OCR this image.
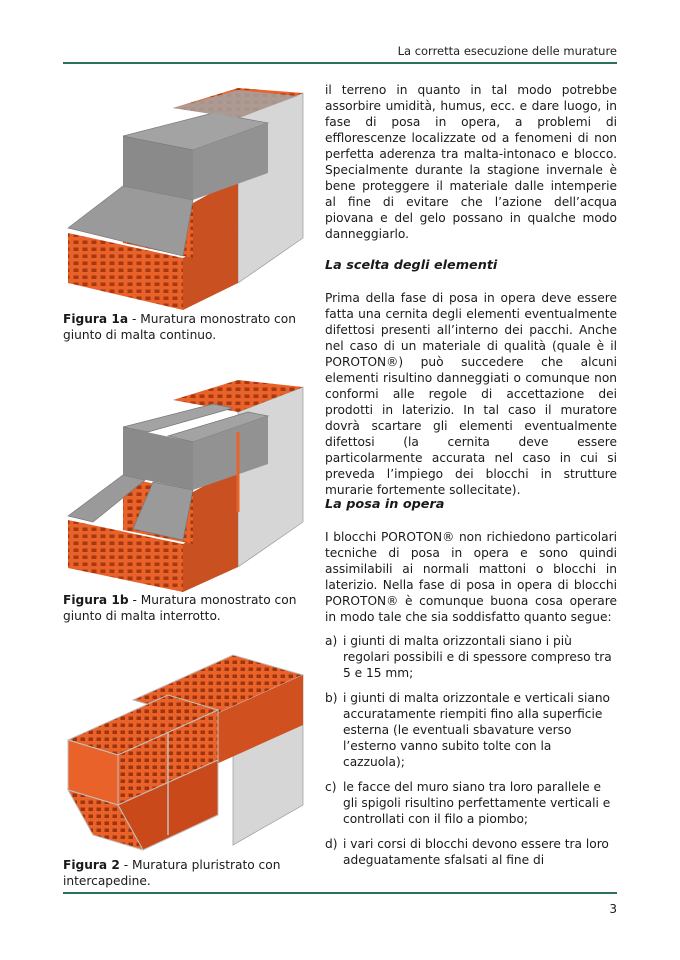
La corretta esecuzione delle murature
Figura 1a - Muratura monostrato con giunto di malta continuo.
Figura 1b - Muratura monostrato con giunto di malta interrotto.
Figura 2 - Muratura pluristrato con intercapedine.

il terreno in quanto in tal modo potrebbe assorbire umidità, humus, ecc. e dare luogo, in fase di posa in opera, a problemi di efflorescenze localizzate od a fenomeni di non perfetta aderenza tra malta-intonaco e blocco. Specialmente durante la stagione invernale è bene proteggere il materiale dalle intemperie al fine di evitare che l’azione dell’acqua piovana e del gelo possano in qualche modo danneggiarlo.

La scelta degli elementi

Prima della fase di posa in opera deve essere fatta una cernita degli elementi eventualmente difettosi presenti all’interno dei pacchi. Anche nel caso di un materiale di qualità (quale è il POROTON®) può succedere che alcuni elementi risultino danneggiati o comunque non conformi alle regole di accettazione dei prodotti in laterizio. In tal caso il muratore dovrà scartare gli elementi eventualmente difettosi (la cernita deve essere particolarmente accurata nel caso in cui si preveda l’impiego dei blocchi in strutture murarie fortemente sollecitate).

La posa in opera

I blocchi POROTON® non richiedono particolari tecniche di posa in opera e sono quindi assimilabili ai normali mattoni o blocchi in laterizio. Nella fase di posa in opera di blocchi POROTON® è comunque buona cosa operare in modo tale che sia soddisfatto quanto segue:

a) i giunti di malta orizzontali siano i più regolari possibili e di spessore compreso tra 5 e 15 mm;
b) i giunti di malta orizzontale e verticali siano accuratamente riempiti fino alla superficie esterna (le eventuali sbavature verso l’esterno vanno subito tolte con la cazzuola);
c) le facce del muro siano tra loro parallele e gli spigoli risultino perfettamente verticali e controllati con il filo a piombo;
d) i vari corsi di blocchi devono essere tra loro adeguatamente sfalsati al fine di
3
